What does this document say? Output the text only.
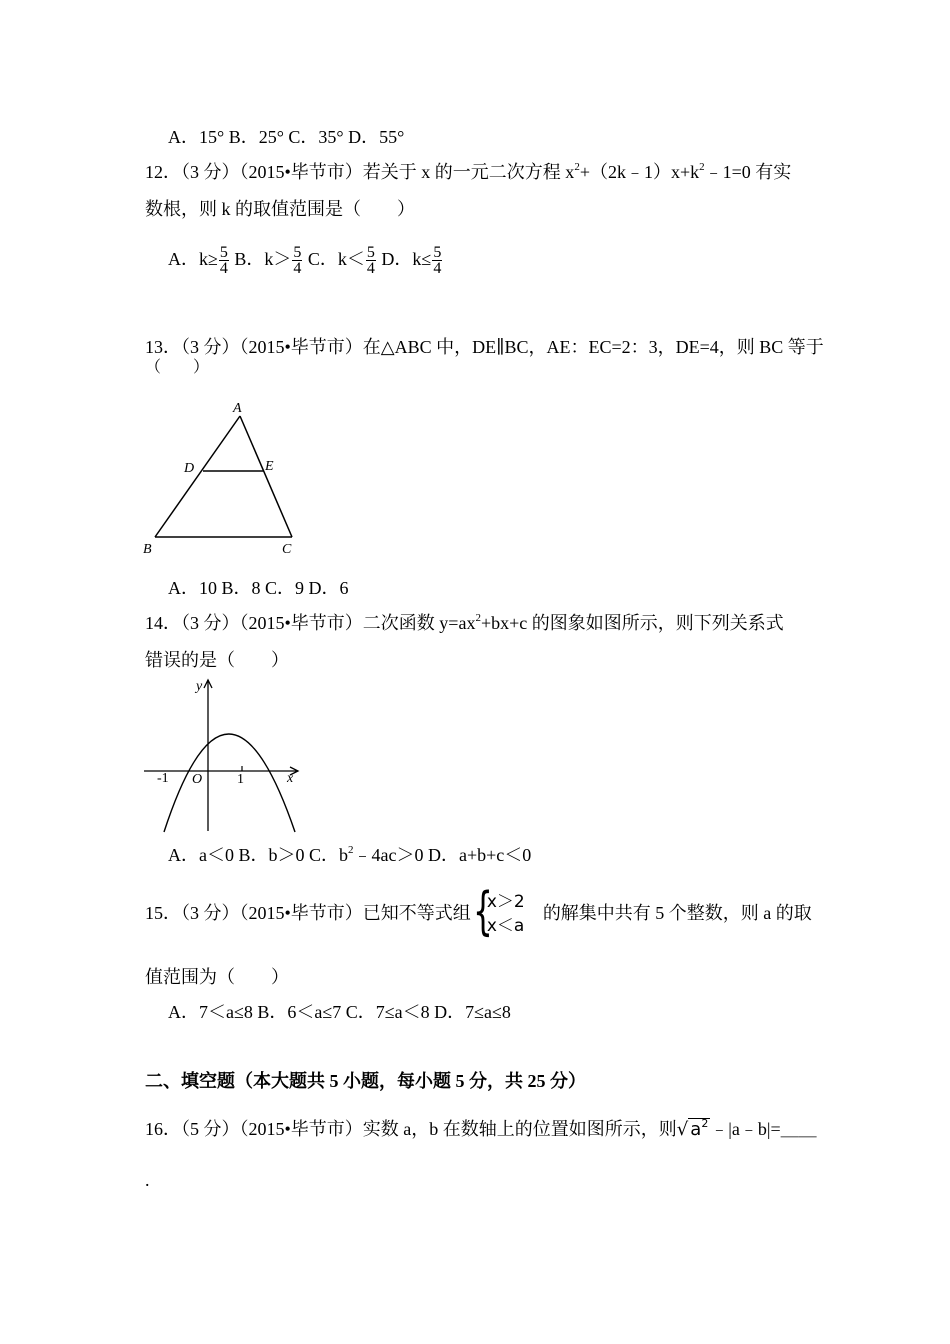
A．15° B．25° C．35° D．55°
12．（3 分）（2015•毕节市）若关于 x 的一元二次方程 $x^2+(2k﹣1)x+k^2﹣1=0$ 有实
数根，则 k 的取值范围是（　　）
A．$k\ge \frac{5}{4}$ B．$k> \frac{5}{4}$ C．$k< \frac{5}{4}$ D．$k\le \frac{5}{4}$
13．（3 分）（2015•毕节市）在△ABC 中，DE∥BC，AE：EC=2：3，DE=4，则 BC 等于
（　　）
A
D	E
B	C
A．10 B．8 C．9 D．6
14．（3 分）（2015•毕节市）二次函数 $y=ax^2+bx+c$ 的图象如图所示，则下列关系式
错误的是（　　）
y
x
O
-1	1
A．a＜0 B．b＞0 C．$b^2﹣4ac>0$ D．a+b+c＜0
15．（3 分）（2015•毕节市）已知不等式组 {
x＞2
x＜a
的解集中共有 5 个整数，则 a 的取
值范围为（　　）
A．7＜a≤8 B．6＜a≤7 C．7≤a＜8 D．7≤a≤8
二、填空题（本大题共 5 小题，每小题 5 分，共 25 分）
16．（5 分）（2015•毕节市）实数 a，b 在数轴上的位置如图所示，则√ $a^2$ ﹣|a﹣b|=＿＿
.
